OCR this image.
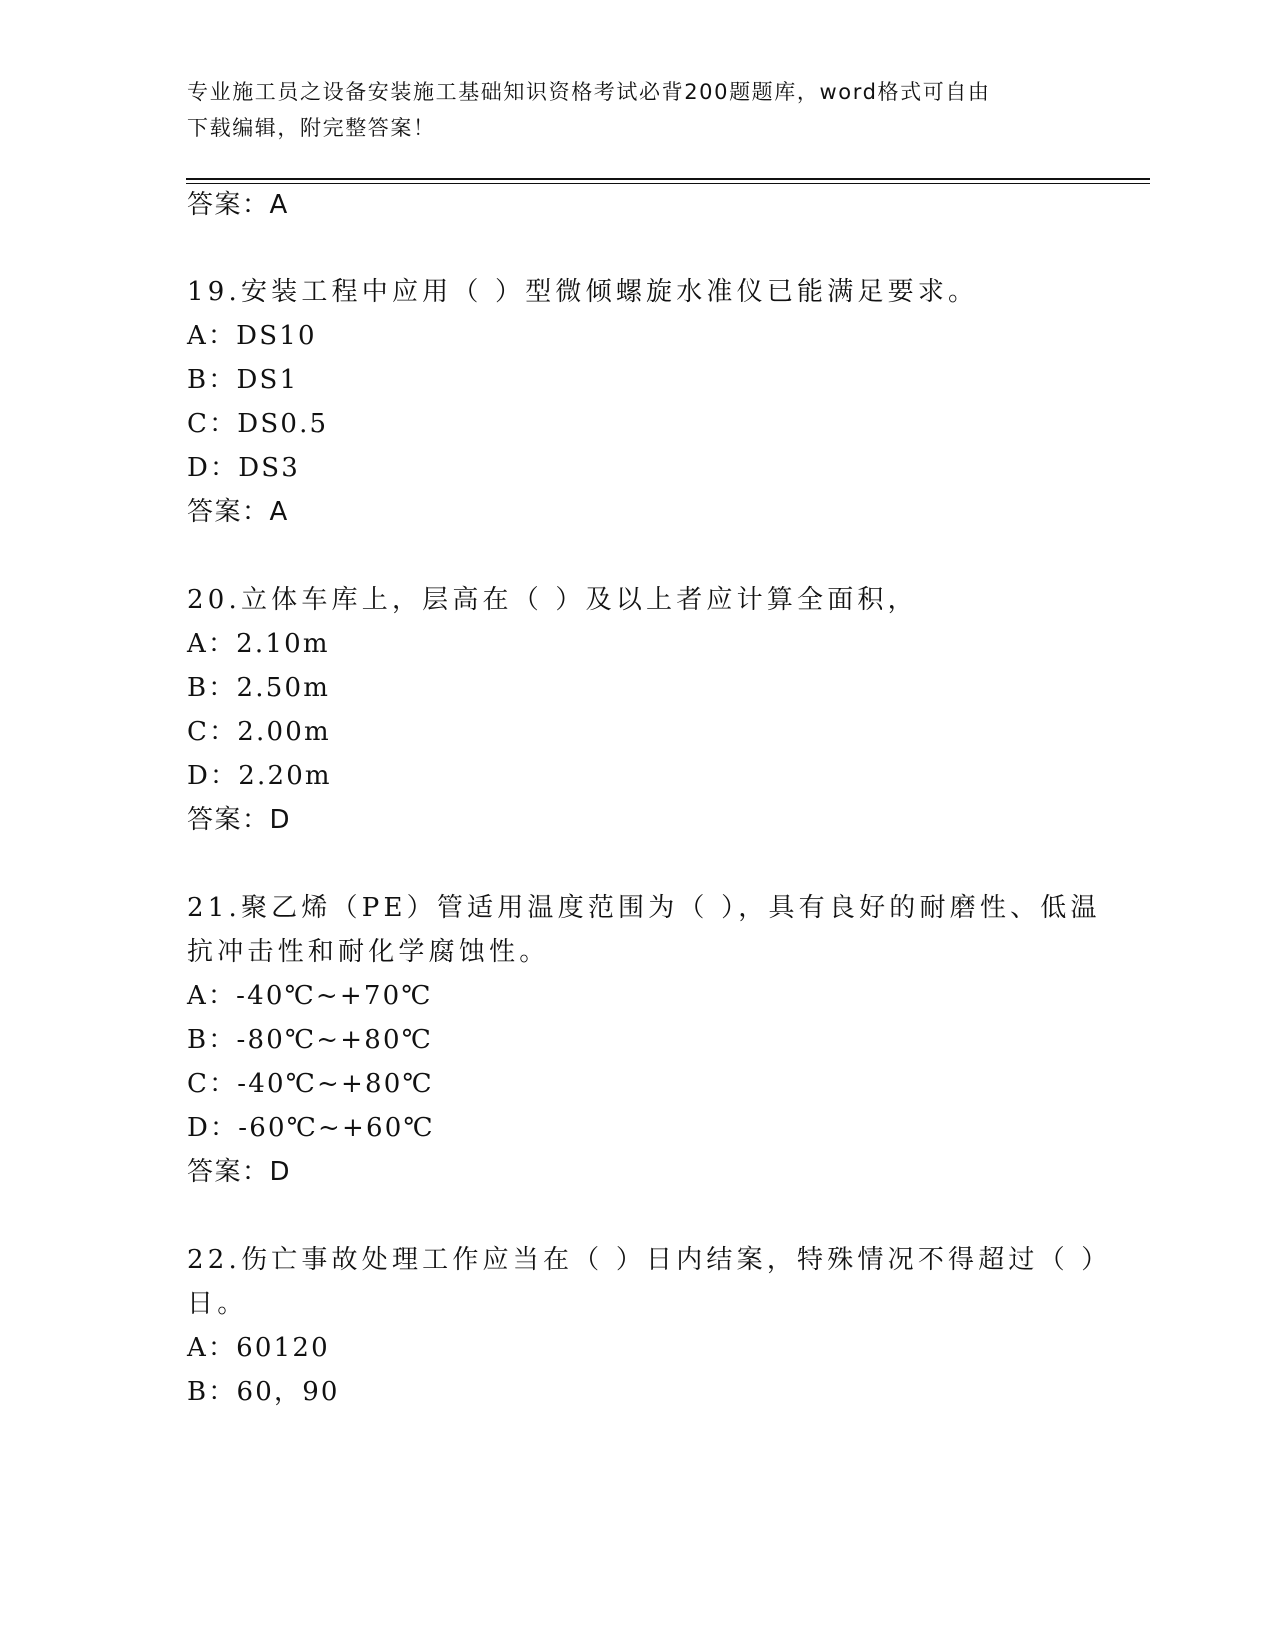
专业施工员之设备安装施工基础知识资格考试必背200题题库，word格式可自由
下载编辑，附完整答案！
答案：A
19.安装工程中应用（ ）型微倾螺旋水准仪已能满足要求。
A：DS10
B：DS1
C：DS0.5
D：DS3
答案：A
20.立体车库上，层高在（ ）及以上者应计算全面积，
A：2.10m
B：2.50m
C：2.00m
D：2.20m
答案：D
21.聚乙烯（PE）管适用温度范围为（ ），具有良好的耐磨性、低温
抗冲击性和耐化学腐蚀性。
A：-40℃~+70℃
B：-80℃~+80℃
C：-40℃~+80℃
D：-60℃~+60℃
答案：D
22.伤亡事故处理工作应当在（ ）日内结案，特殊情况不得超过（ ）
日。
A：60120
B：60，90
